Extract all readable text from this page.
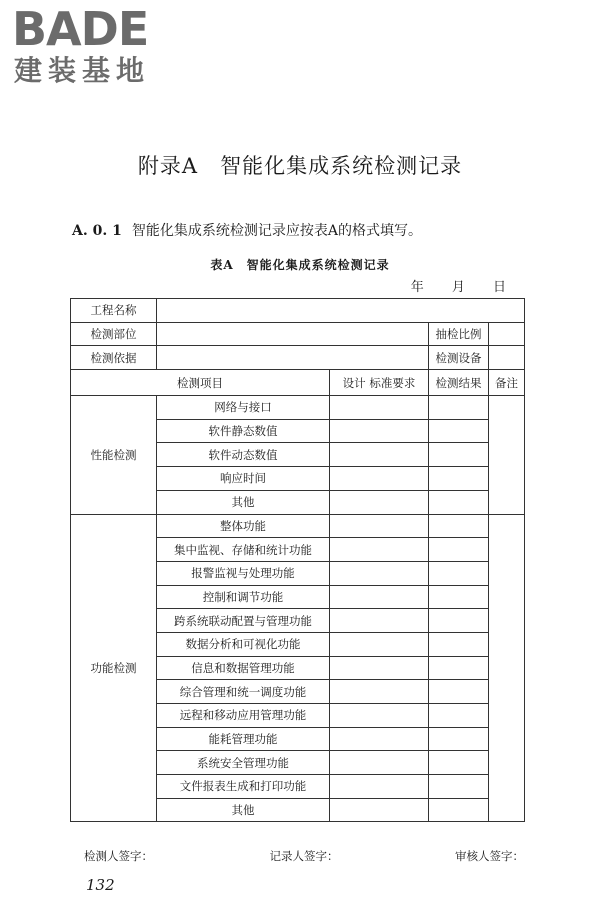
BADE
建装基地
附录A　智能化集成系统检测记录
A. 0. 1 智能化集成系统检测记录应按表A的格式填写。
表A　智能化集成系统检测记录
年 月 日
工程名称				
检测部位			抽检比例	
检测依据			检测设备	
检测项目		设计 标准要求	检测结果	备注
性能检测	网络与接口			
	软件静态数值			
	软件动态数值			
	响应时间			
	其他			
功能检测	整体功能			
	集中监视、存储和统计功能			
	报警监视与处理功能			
	控制和调节功能			
	跨系统联动配置与管理功能			
	数据分析和可视化功能			
	信息和数据管理功能			
	综合管理和统一调度功能			
	远程和移动应用管理功能			
	能耗管理功能			
	系统安全管理功能			
	文件报表生成和打印功能			
	其他			
检测人签字：	记录人签字：	审核人签字：
132
